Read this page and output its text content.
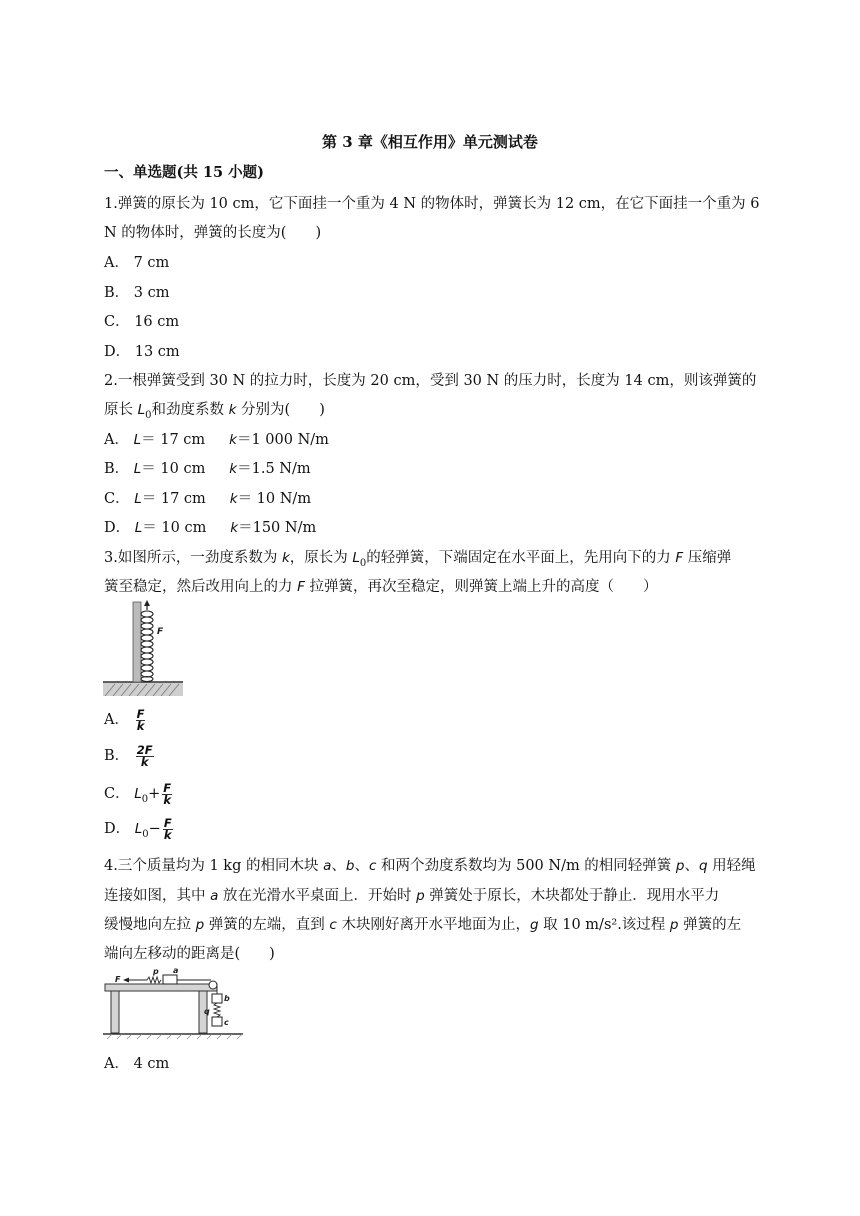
第 3 章《相互作用》单元测试卷
一、单选题(共 15 小题)
1.弹簧的原长为 10 cm，它下面挂一个重为 4 N 的物体时，弹簧长为 12 cm，在它下面挂一个重为 6
N 的物体时，弹簧的长度为(　　)
A． 7 cm
B． 3 cm
C． 16 cm
D． 13 cm
2.一根弹簧受到 30 N 的拉力时，长度为 20 cm，受到 30 N 的压力时，长度为 14 cm，则该弹簧的
原长 $L_0$和劲度系数 k 分别为(　　)
A． L＝ 17 cm k＝1 000 N/m
B． L＝ 10 cm k＝1.5 N/m
C． L＝ 17 cm k＝ 10 N/m
D． L＝ 10 cm k＝150 N/m
3.如图所示，一劲度系数为 k，原长为 $L_0$的轻弹簧，下端固定在水平面上，先用向下的力 F 压缩弹
簧至稳定，然后改用向上的力 F 拉弹簧，再次至稳定，则弹簧上端上升的高度（　　）
F
A． $\frac{F}{k}$
B． $\frac{2F}{k}$
C． $L_0+ \frac{F}{k}$
D． $L_0- \frac{F}{k}$
4.三个质量均为 1 kg 的相同木块 a、b、c 和两个劲度系数均为 500 N/m 的相同轻弹簧 p、q 用轻绳
连接如图，其中 a 放在光滑水平桌面上．开始时 p 弹簧处于原长，木块都处于静止．现用水平力
缓慢地向左拉 p 弹簧的左端，直到 c 木块刚好离开水平地面为止，g 取 10 m/s².该过程 p 弹簧的左
端向左移动的距离是(　　)
F
p a
b
q
c
A． 4 cm
